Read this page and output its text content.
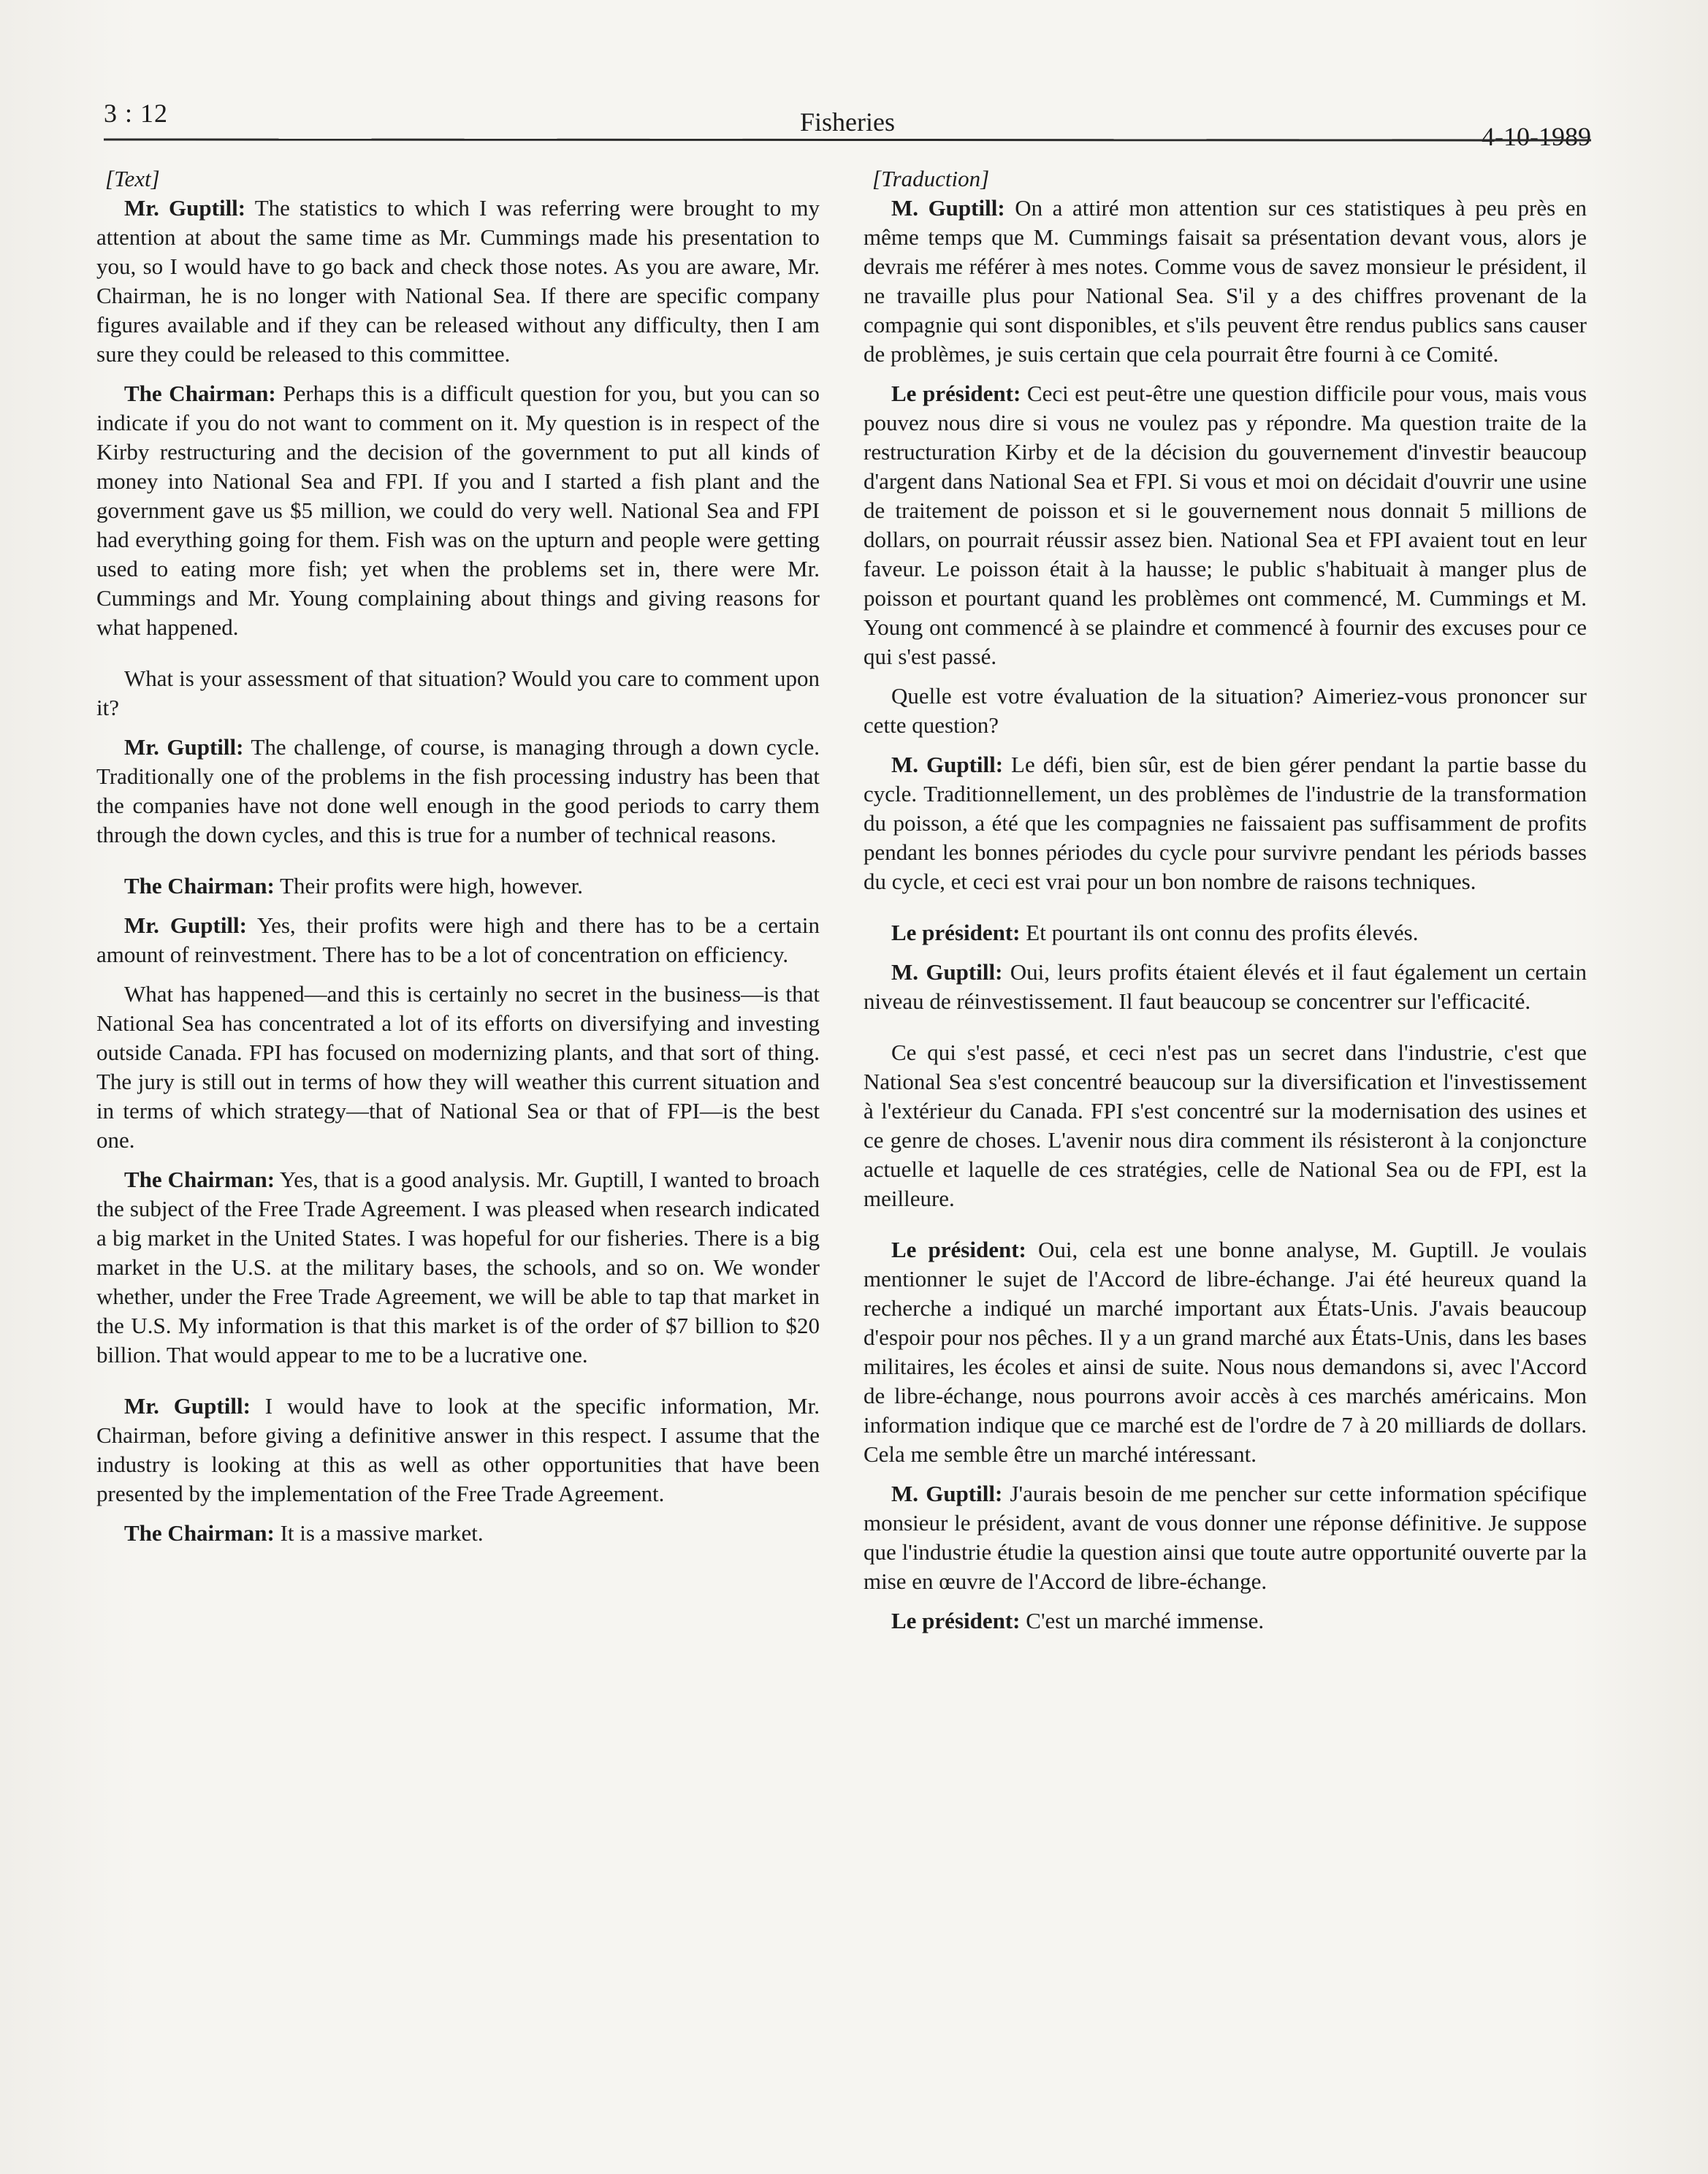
3 : 12	Fisheries	4-10-1989

[Text]

Mr. Guptill: The statistics to which I was referring were brought to my attention at about the same time as Mr. Cummings made his presentation to you, so I would have to go back and check those notes. As you are aware, Mr. Chairman, he is no longer with National Sea. If there are specific company figures available and if they can be released without any difficulty, then I am sure they could be released to this committee.

The Chairman: Perhaps this is a difficult question for you, but you can so indicate if you do not want to comment on it. My question is in respect of the Kirby restructuring and the decision of the government to put all kinds of money into National Sea and FPI. If you and I started a fish plant and the government gave us $5 million, we could do very well. National Sea and FPI had everything going for them. Fish was on the upturn and people were getting used to eating more fish; yet when the problems set in, there were Mr. Cummings and Mr. Young complaining about things and giving reasons for what happened.

What is your assessment of that situation? Would you care to comment upon it?

Mr. Guptill: The challenge, of course, is managing through a down cycle. Traditionally one of the problems in the fish processing industry has been that the companies have not done well enough in the good periods to carry them through the down cycles, and this is true for a number of technical reasons.

The Chairman: Their profits were high, however.

Mr. Guptill: Yes, their profits were high and there has to be a certain amount of reinvestment. There has to be a lot of concentration on efficiency.

What has happened—and this is certainly no secret in the business—is that National Sea has concentrated a lot of its efforts on diversifying and investing outside Canada. FPI has focused on modernizing plants, and that sort of thing. The jury is still out in terms of how they will weather this current situation and in terms of which strategy—that of National Sea or that of FPI—is the best one.

The Chairman: Yes, that is a good analysis. Mr. Guptill, I wanted to broach the subject of the Free Trade Agreement. I was pleased when research indicated a big market in the United States. I was hopeful for our fisheries. There is a big market in the U.S. at the military bases, the schools, and so on. We wonder whether, under the Free Trade Agreement, we will be able to tap that market in the U.S. My information is that this market is of the order of $7 billion to $20 billion. That would appear to me to be a lucrative one.

Mr. Guptill: I would have to look at the specific information, Mr. Chairman, before giving a definitive answer in this respect. I assume that the industry is looking at this as well as other opportunities that have been presented by the implementation of the Free Trade Agreement.

The Chairman: It is a massive market.

[Traduction]

M. Guptill: On a attiré mon attention sur ces statistiques à peu près en même temps que M. Cummings faisait sa présentation devant vous, alors je devrais me référer à mes notes. Comme vous de savez monsieur le président, il ne travaille plus pour National Sea. S'il y a des chiffres provenant de la compagnie qui sont disponibles, et s'ils peuvent être rendus publics sans causer de problèmes, je suis certain que cela pourrait être fourni à ce Comité.

Le président: Ceci est peut-être une question difficile pour vous, mais vous pouvez nous dire si vous ne voulez pas y répondre. Ma question traite de la restructuration Kirby et de la décision du gouvernement d'investir beaucoup d'argent dans National Sea et FPI. Si vous et moi on décidait d'ouvrir une usine de traitement de poisson et si le gouvernement nous donnait 5 millions de dollars, on pourrait réussir assez bien. National Sea et FPI avaient tout en leur faveur. Le poisson était à la hausse; le public s'habituait à manger plus de poisson et pourtant quand les problèmes ont commencé, M. Cummings et M. Young ont commencé à se plaindre et commencé à fournir des excuses pour ce qui s'est passé.

Quelle est votre évaluation de la situation? Aimeriez-vous prononcer sur cette question?

M. Guptill: Le défi, bien sûr, est de bien gérer pendant la partie basse du cycle. Traditionnellement, un des problèmes de l'industrie de la transformation du poisson, a été que les compagnies ne faissaient pas suffisamment de profits pendant les bonnes périodes du cycle pour survivre pendant les périods basses du cycle, et ceci est vrai pour un bon nombre de raisons techniques.

Le président: Et pourtant ils ont connu des profits élevés.

M. Guptill: Oui, leurs profits étaient élevés et il faut également un certain niveau de réinvestissement. Il faut beaucoup se concentrer sur l'efficacité.

Ce qui s'est passé, et ceci n'est pas un secret dans l'industrie, c'est que National Sea s'est concentré beaucoup sur la diversification et l'investissement à l'extérieur du Canada. FPI s'est concentré sur la modernisation des usines et ce genre de choses. L'avenir nous dira comment ils résisteront à la conjoncture actuelle et laquelle de ces stratégies, celle de National Sea ou de FPI, est la meilleure.

Le président: Oui, cela est une bonne analyse, M. Guptill. Je voulais mentionner le sujet de l'Accord de libre-échange. J'ai été heureux quand la recherche a indiqué un marché important aux États-Unis. J'avais beaucoup d'espoir pour nos pêches. Il y a un grand marché aux États-Unis, dans les bases militaires, les écoles et ainsi de suite. Nous nous demandons si, avec l'Accord de libre-échange, nous pourrons avoir accès à ces marchés américains. Mon information indique que ce marché est de l'ordre de 7 à 20 milliards de dollars. Cela me semble être un marché intéressant.

M. Guptill: J'aurais besoin de me pencher sur cette information spécifique monsieur le président, avant de vous donner une réponse définitive. Je suppose que l'industrie étudie la question ainsi que toute autre opportunité ouverte par la mise en œuvre de l'Accord de libre-échange.

Le président: C'est un marché immense.
